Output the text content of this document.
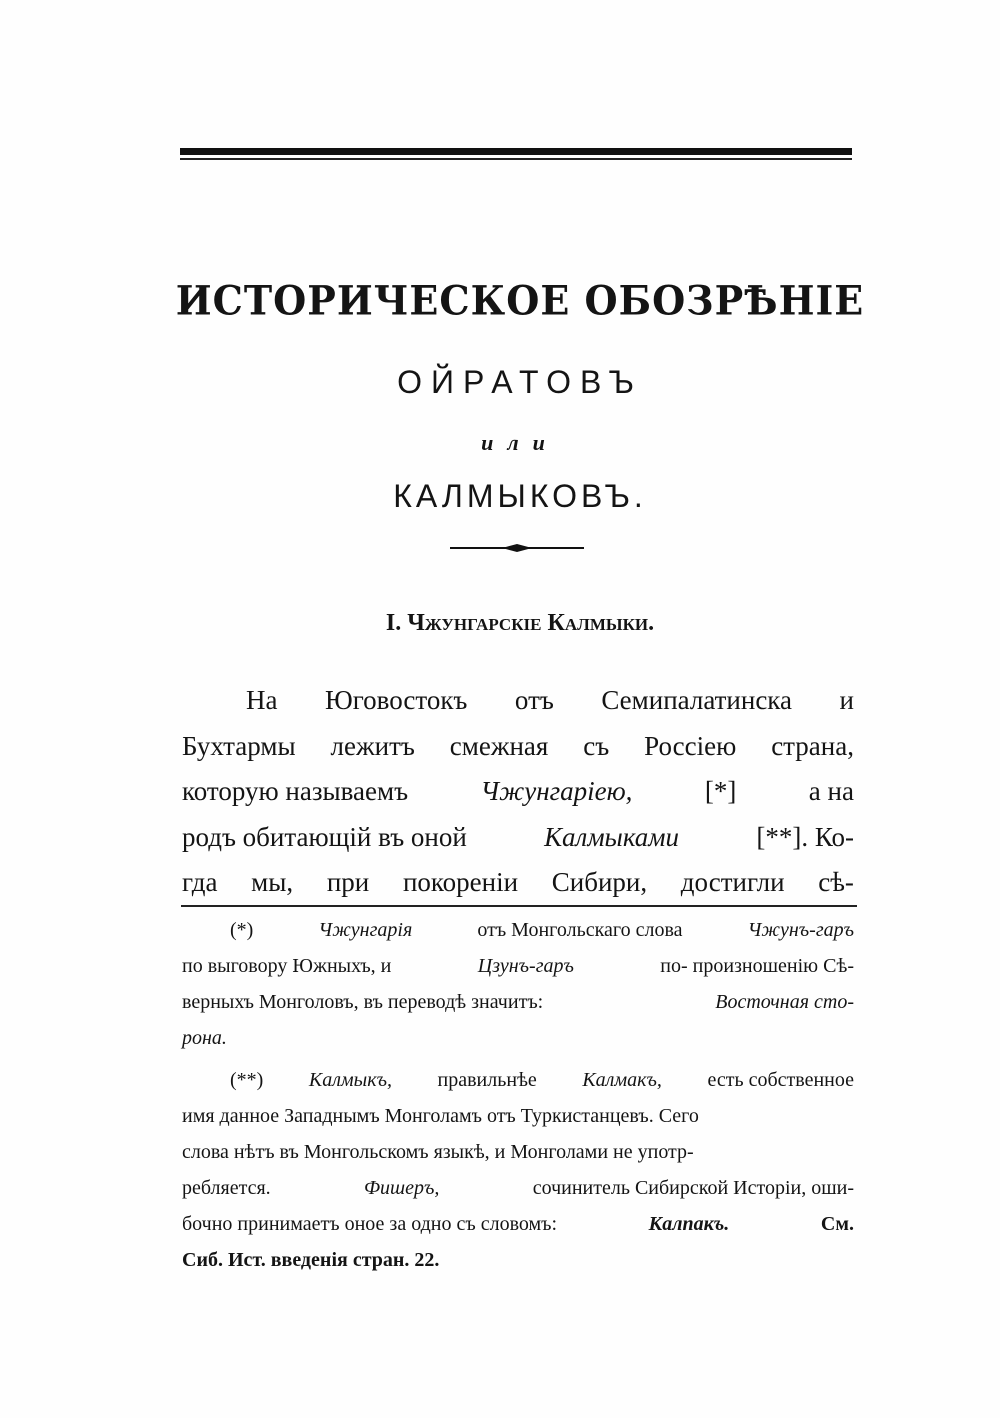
ИСТОРИЧЕСКОЕ ОБОЗРѢНІЕ
ОЙРАТОВЪ
или
КАЛМЫКОВЪ.
I. Чжунгарскіе Калмыки.
На Юговостокъ отъ Семипалатинска и
Бухтармы лежитъ смежная съ Россіею страна,
которую называемъ	Чжунгаріею,	[*]	а на
родъ обитающій въ оной	Калмыками	[**]. Ко-
гда мы, при покореніи Сибири, достигли сѣ-
(*)	Чжунгарія	отъ Монгольскаго слова	Чжунъ-гаръ
по выговору Южныхъ, и	Цзунъ-гаръ	по- произношенію Сѣ-
верныхъ Монголовъ, въ переводѣ значитъ:	Восточная сто-
рона.
(**) Калмыкъ, правильнѣе Калмакъ, есть собственное
имя данное Западнымъ Монголамъ отъ Туркистанцевъ. Сего
слова нѣтъ въ Монгольскомъ языкѣ, и Монголами не употр-
ребляется.	Фишеръ,	сочинитель Сибирской Исторіи, оши-
бочно принимаетъ оное за одно съ словомъ:	Калпакъ.	См.
Сиб. Ист. введенія стран. 22.
